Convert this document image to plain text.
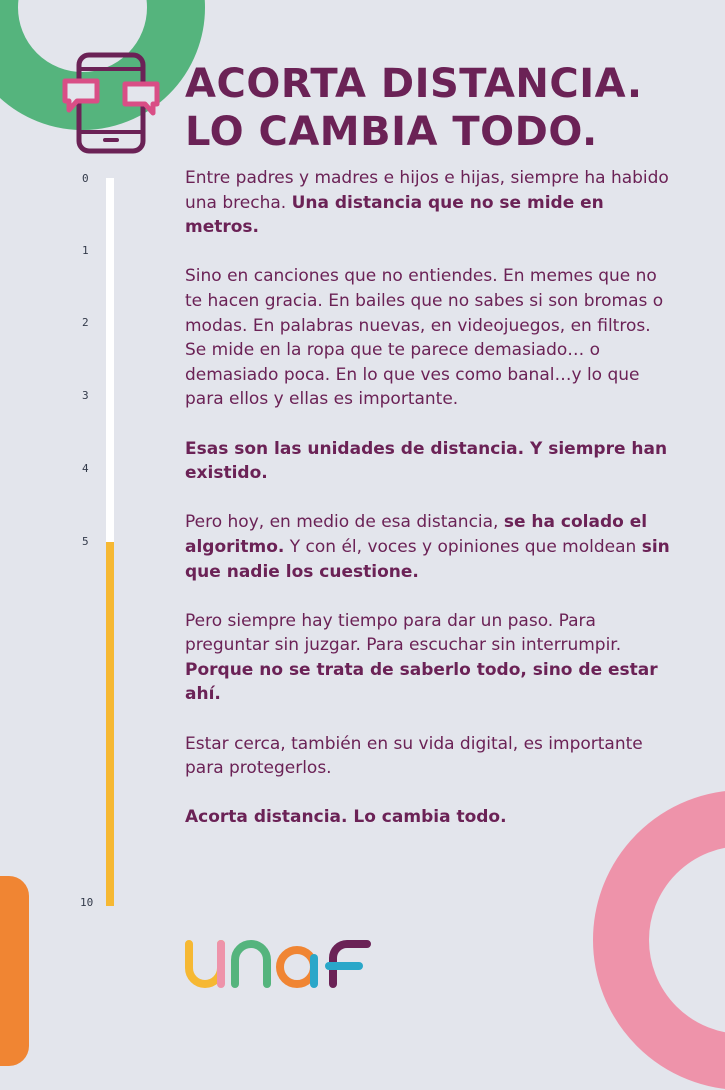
ACORTA DISTANCIA.
LO CAMBIA TODO.
0
1
2
3
4
5
10

Entre padres y madres e hijos e hijas, siempre ha habido una brecha. Una distancia que no se mide en metros.

Sino en canciones que no entiendes. En memes que no te hacen gracia. En bailes que no sabes si son bromas o modas. En palabras nuevas, en videojuegos, en filtros. Se mide en la ropa que te parece demasiado… o demasiado poca. En lo que ves como banal…y lo que para ellos y ellas es importante.

Esas son las unidades de distancia. Y siempre han existido.

Pero hoy, en medio de esa distancia, se ha colado el algoritmo. Y con él, voces y opiniones que moldean sin que nadie los cuestione.

Pero siempre hay tiempo para dar un paso. Para preguntar sin juzgar. Para escuchar sin interrumpir. Porque no se trata de saberlo todo, sino de estar ahí.

Estar cerca, también en su vida digital, es importante para protegerlos.

Acorta distancia. Lo cambia todo.
